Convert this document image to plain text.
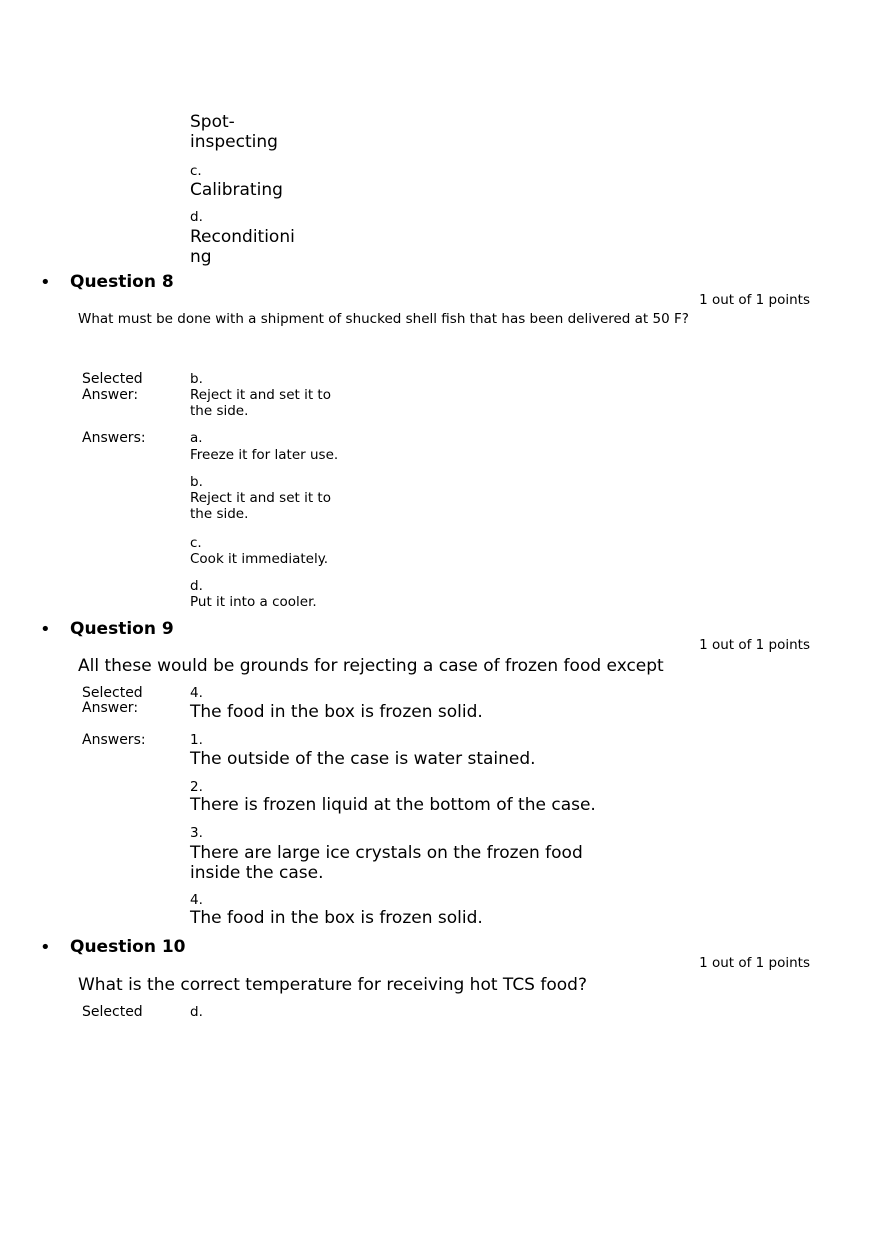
Spot-inspecting
c.
Calibrating
d.
Reconditioning
• Question 8
1 out of 1 points
What must be done with a shipment of shucked shell fish that has been delivered at 50 F?
Selected
Answer:
b.
Reject it and set it to the side.
Answers:	a.
Freeze it for later use.
b.
Reject it and set it to the side.
c.
Cook it immediately.
d.
Put it into a cooler.
• Question 9
1 out of 1 points
All these would be grounds for rejecting a case of frozen food except
Selected
Answer:
4.
The food in the box is frozen solid.
Answers:	1.
The outside of the case is water stained.
2.
There is frozen liquid at the bottom of the case.
3.
There are large ice crystals on the frozen food inside the case.
4.
The food in the box is frozen solid.
• Question 10
1 out of 1 points
What is the correct temperature for receiving hot TCS food?
Selected	d.
